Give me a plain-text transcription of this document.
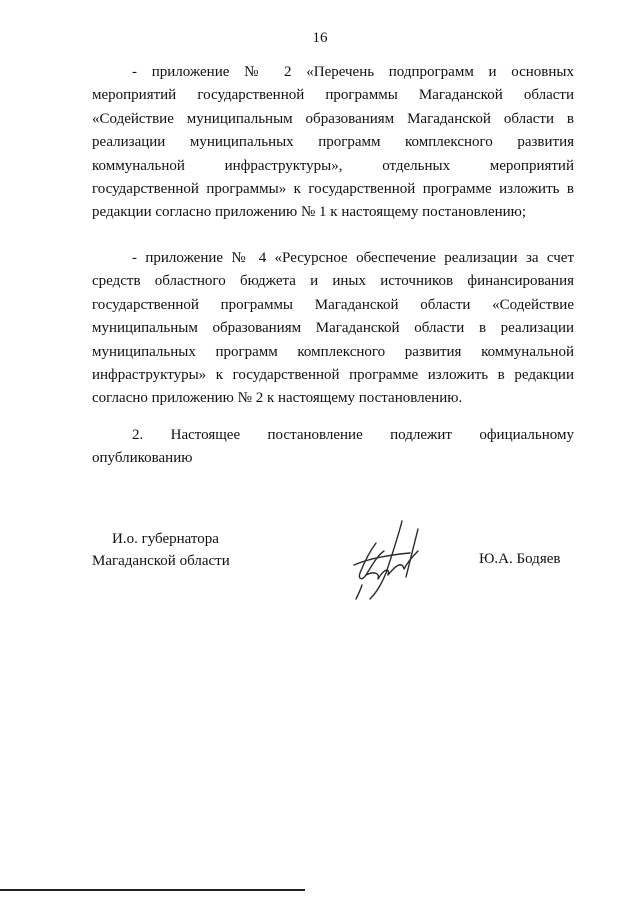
16
- приложение № 2 «Перечень подпрограмм и основных мероприятий государственной программы Магаданской области «Содействие муниципальным образованиям Магаданской области в реализации муниципальных программ комплексного развития коммунальной инфраструктуры», отдельных мероприятий государственной программы» к государственной программе изложить в редакции согласно приложению № 1 к настоящему постановлению;
- приложение № 4 «Ресурсное обеспечение реализации за счет средств областного бюджета и иных источников финансирования государственной программы Магаданской области «Содействие муниципальным образованиям Магаданской области в реализации муниципальных программ комплексного развития коммунальной инфраструктуры» к государственной программе изложить в редакции согласно приложению № 2 к настоящему постановлению.
2. Настоящее постановление подлежит официальному опубликованию
И.о. губернатора
Магаданской области	Ю.А. Бодяев
